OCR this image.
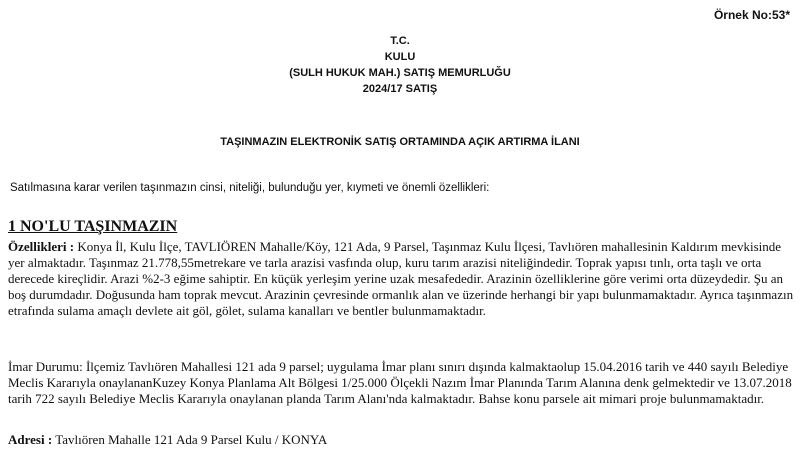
Örnek No:53*
T.C.
KULU
(SULH HUKUK MAH.) SATIŞ MEMURLUĞU
2024/17 SATIŞ
TAŞINMAZIN ELEKTRONİK SATIŞ ORTAMINDA AÇIK ARTIRMA İLANI
Satılmasına karar verilen taşınmazın cinsi, niteliği, bulunduğu yer, kıymeti ve önemli özellikleri:
1 NO'LU TAŞINMAZIN

Özellikleri : Konya İl, Kulu İlçe, TAVLIÖREN Mahalle/Köy, 121 Ada, 9 Parsel, Taşınmaz Kulu İlçesi, Tavlıören mahallesinin Kaldırım mevkisinde yer almaktadır. Taşınmaz 21.778,55metrekare ve tarla arazisi vasfında olup, kuru tarım arazisi niteliğindedir. Toprak yapısı tınlı, orta taşlı ve orta derecede kireçlidir. Arazi %2-3 eğime sahiptir. En küçük yerleşim yerine uzak mesafededir. Arazinin özelliklerine göre verimi orta düzeydedir. Şu an boş durumdadır. Doğusunda ham toprak mevcut. Arazinin çevresinde ormanlık alan ve üzerinde herhangi bir yapı bulunmamaktadır. Ayrıca taşınmazın etrafında sulama amaçlı devlete ait göl, gölet, sulama kanalları ve bentler bulunmamaktadır.

İmar Durumu: İlçemiz Tavlıören Mahallesi 121 ada 9 parsel; uygulama İmar planı sınırı dışında kalmaktaolup 15.04.2016 tarih ve 440 sayılı Belediye Meclis Kararıyla onaylananKuzey Konya Planlama Alt Bölgesi 1/25.000 Ölçekli Nazım İmar Planında Tarım Alanına denk gelmektedir ve 13.07.2018 tarih 722 sayılı Belediye Meclis Kararıyla onaylanan planda Tarım Alanı'nda kalmaktadır. Bahse konu parsele ait mimari proje bulunmamaktadır.

Adresi : Tavlıören Mahalle 121 Ada 9 Parsel Kulu / KONYA
